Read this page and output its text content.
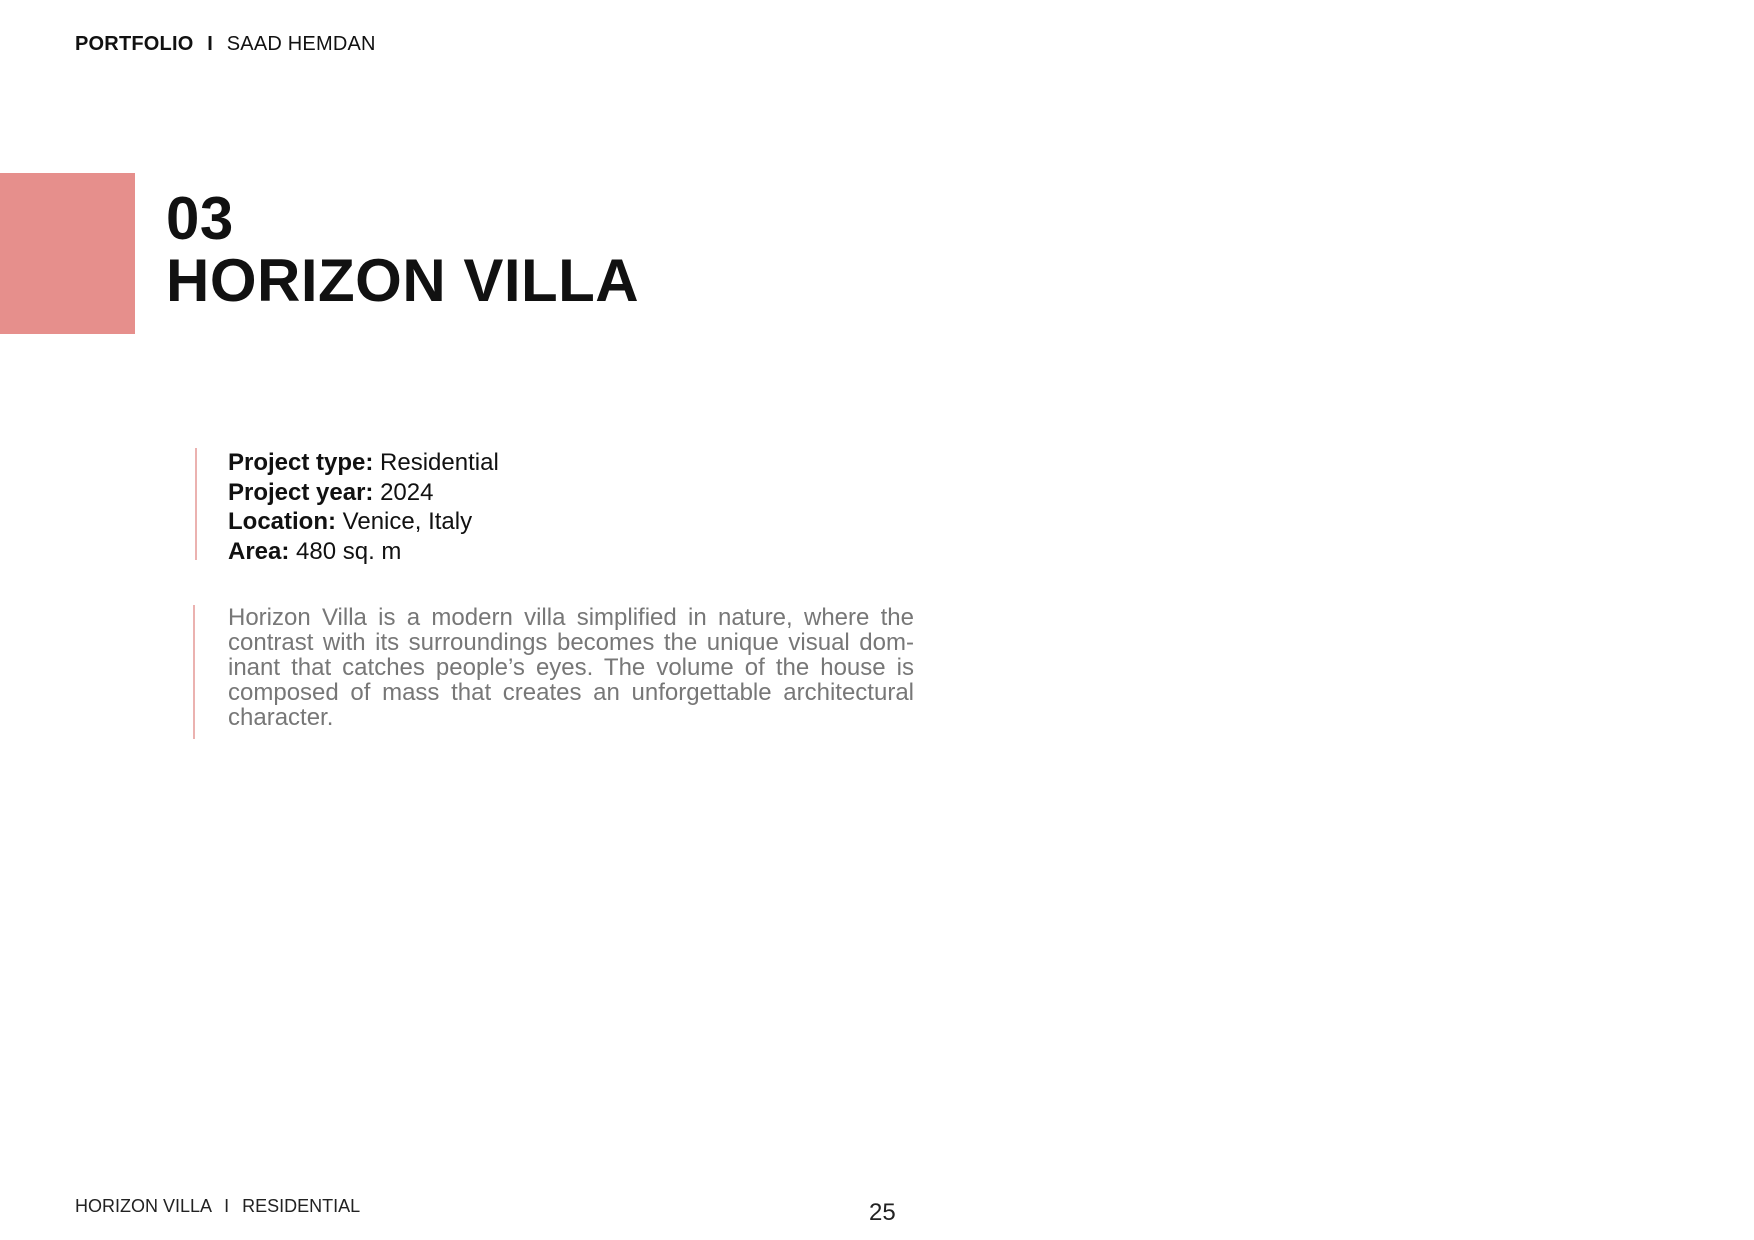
PORTFOLIO I SAAD HEMDAN
03
HORIZON VILLA
Project type: Residential
Project year: 2024
Location: Venice, Italy
Area: 480 sq. m
Horizon Villa is a modern villa simplified in nature, where the contrast with its surroundings becomes the unique visual dominant that catches people’s eyes. The volume of the house is composed of mass that creates an unforgettable architectural character.
HORIZON VILLA I RESIDENTIAL	25
